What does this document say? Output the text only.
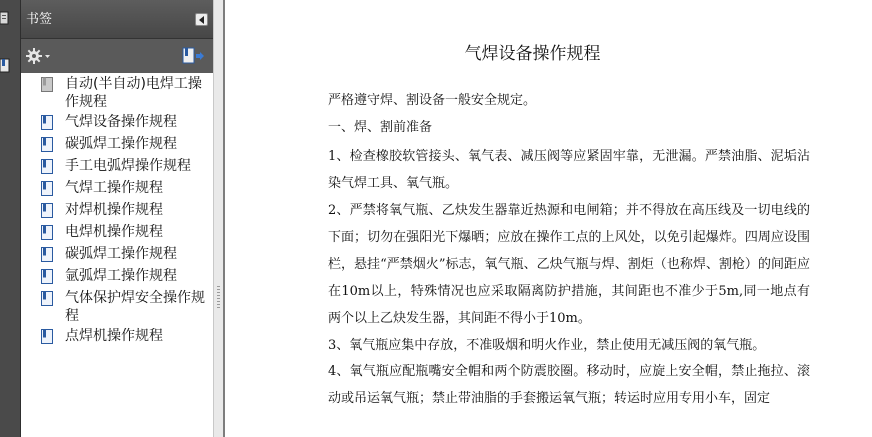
书签
自动(半自动)电焊工操作规程
气焊设备操作规程
碳弧焊工操作规程
手工电弧焊操作规程
气焊工操作规程
对焊机操作规程
电焊机操作规程
碳弧焊工操作规程
氩弧焊工操作规程
气体保护焊安全操作规程
点焊机操作规程
气焊设备操作规程
严格遵守焊、割设备一般安全规定。
一、焊、割前准备
1、检查橡胶软管接头、氧气表、减压阀等应紧固牢靠，无泄漏。严禁油脂、泥垢沾染气焊工具、氧气瓶。
2、严禁将氧气瓶、乙炔发生器靠近热源和电闸箱；并不得放在高压线及一切电线的下面；切勿在强阳光下爆晒；应放在操作工点的上风处，以免引起爆炸。四周应设围栏，悬挂“严禁烟火”标志，氧气瓶、乙炔气瓶与焊、割炬（也称焊、割枪）的间距应在10m以上，特殊情况也应采取隔离防护措施，其间距也不准少于5m,同一地点有两个以上乙炔发生器，其间距不得小于10m。
3、氧气瓶应集中存放，不准吸烟和明火作业，禁止使用无减压阀的氧气瓶。
4、氧气瓶应配瓶嘴安全帽和两个防震胶圈。移动时，应旋上安全帽，禁止拖拉、滚动或吊运氧气瓶；禁止带油脂的手套搬运氧气瓶；转运时应用专用小车，固定
